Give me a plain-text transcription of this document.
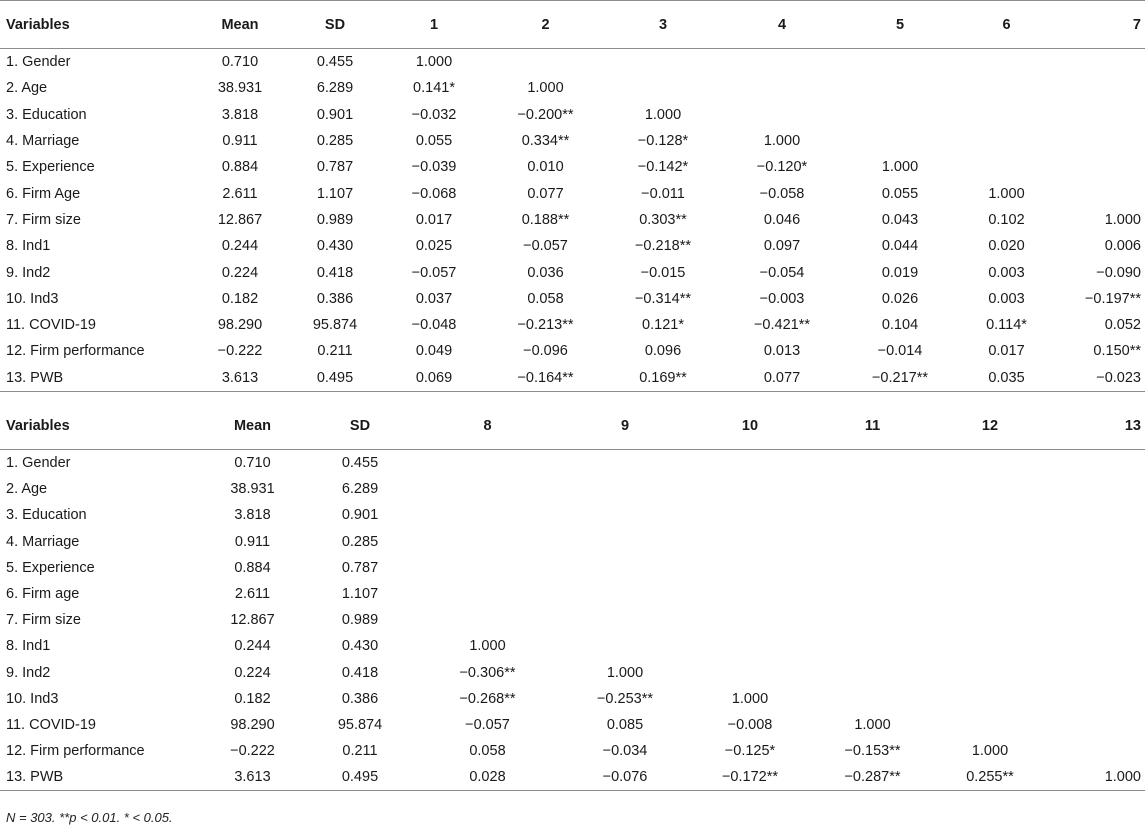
Variables	Mean	SD	1	2	3	4	5	6	7
1. Gender	0.710	0.455	1.000						
2. Age	38.931	6.289	0.141*	1.000					
3. Education	3.818	0.901	−0.032	−0.200**	1.000				
4. Marriage	0.911	0.285	0.055	0.334**	−0.128*	1.000			
5. Experience	0.884	0.787	−0.039	0.010	−0.142*	−0.120*	1.000		
6. Firm Age	2.611	1.107	−0.068	0.077	−0.011	−0.058	0.055	1.000	
7. Firm size	12.867	0.989	0.017	0.188**	0.303**	0.046	0.043	0.102	1.000
8. Ind1	0.244	0.430	0.025	−0.057	−0.218**	0.097	0.044	0.020	0.006
9. Ind2	0.224	0.418	−0.057	0.036	−0.015	−0.054	0.019	0.003	−0.090
10. Ind3	0.182	0.386	0.037	0.058	−0.314**	−0.003	0.026	0.003	−0.197**
11. COVID-19	98.290	95.874	−0.048	−0.213**	0.121*	−0.421**	0.104	0.114*	0.052
12. Firm performance	−0.222	0.211	0.049	−0.096	0.096	0.013	−0.014	0.017	0.150**
13. PWB	3.613	0.495	0.069	−0.164**	0.169**	0.077	−0.217**	0.035	−0.023
Variables	Mean	SD	8	9	10	11	12	13
1. Gender	0.710	0.455						
2. Age	38.931	6.289						
3. Education	3.818	0.901						
4. Marriage	0.911	0.285						
5. Experience	0.884	0.787						
6. Firm age	2.611	1.107						
7. Firm size	12.867	0.989						
8. Ind1	0.244	0.430	1.000					
9. Ind2	0.224	0.418	−0.306**	1.000				
10. Ind3	0.182	0.386	−0.268**	−0.253**	1.000			
11. COVID-19	98.290	95.874	−0.057	0.085	−0.008	1.000		
12. Firm performance	−0.222	0.211	0.058	−0.034	−0.125*	−0.153**	1.000	
13. PWB	3.613	0.495	0.028	−0.076	−0.172**	−0.287**	0.255**	1.000
N = 303. **p < 0.01. * < 0.05.
